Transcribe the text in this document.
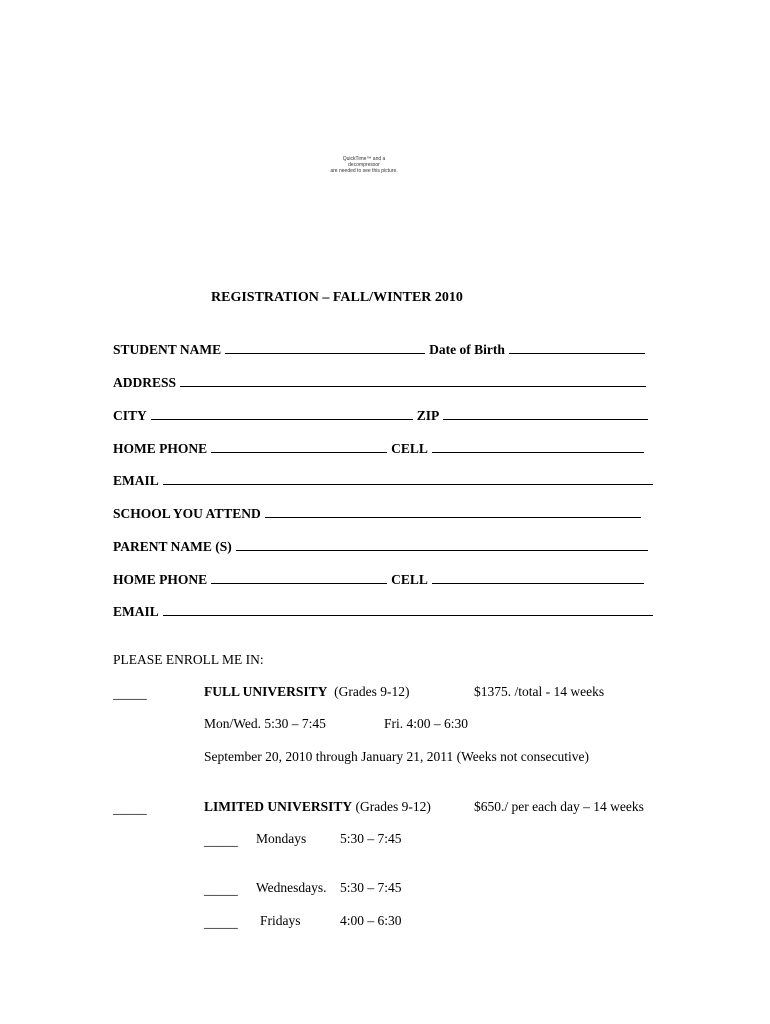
QuickTime™ and a
decompressor
are needed to see this picture.
REGISTRATION – FALL/WINTER 2010
STUDENT NAME	Date of Birth
ADDRESS
CITY	ZIP
HOME PHONE	CELL
EMAIL
SCHOOL YOU ATTEND
PARENT NAME (S)
HOME PHONE	CELL
EMAIL
PLEASE ENROLL ME IN:
_____	FULL UNIVERSITY (Grades 9-12)	$1375. /total - 14 weeks
Mon/Wed. 5:30 – 7:45	Fri. 4:00 – 6:30
September 20, 2010 through January 21, 2011 (Weeks not consecutive)
_____	LIMITED UNIVERSITY (Grades 9-12)	$650./ per each day – 14 weeks
_____ Mondays	5:30 – 7:45
_____ Wednesdays. 5:30 – 7:45
_____ Fridays	4:00 – 6:30
